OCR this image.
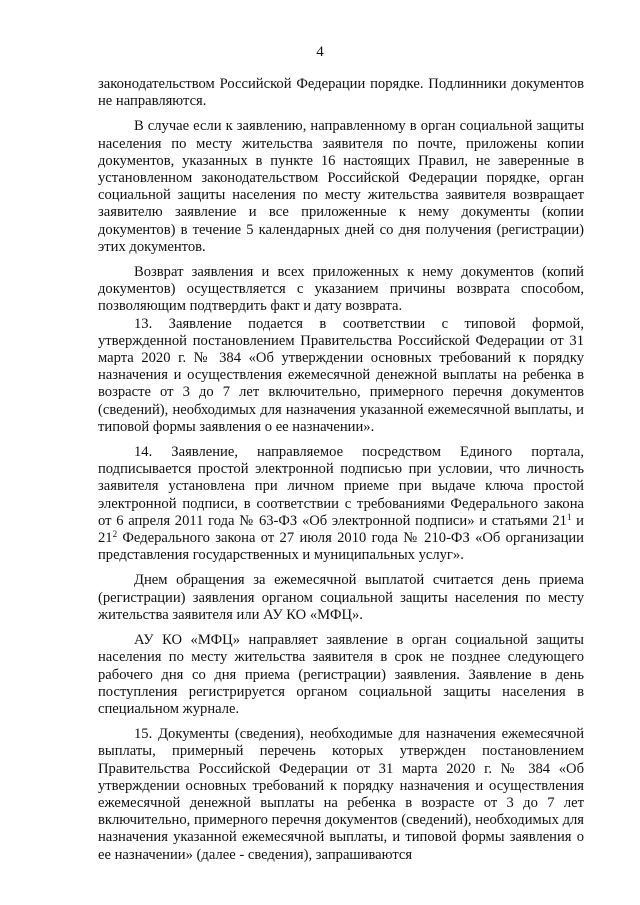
4

законодательством Российской Федерации порядке. Подлинники документов не направляются.

В случае если к заявлению, направленному в орган социальной защиты населения по месту жительства заявителя по почте, приложены копии документов, указанных в пункте 16 настоящих Правил, не заверенные в установленном законодательством Российской Федерации порядке, орган социальной защиты населения по месту жительства заявителя возвращает заявителю заявление и все приложенные к нему документы (копии документов) в течение 5 календарных дней со дня получения (регистрации) этих документов.

Возврат заявления и всех приложенных к нему документов (копий документов) осуществляется с указанием причины возврата способом, позволяющим подтвердить факт и дату возврата.

13. Заявление подается в соответствии с типовой формой, утвержденной постановлением Правительства Российской Федерации от 31 марта 2020 г. № 384 «Об утверждении основных требований к порядку назначения и осуществления ежемесячной денежной выплаты на ребенка в возрасте от 3 до 7 лет включительно, примерного перечня документов (сведений), необходимых для назначения указанной ежемесячной выплаты, и типовой формы заявления о ее назначении».

14. Заявление, направляемое посредством Единого портала, подписывается простой электронной подписью при условии, что личность заявителя установлена при личном приеме при выдаче ключа простой электронной подписи, в соответствии с требованиями Федерального закона от 6 апреля 2011 года № 63-ФЗ «Об электронной подписи» и статьями $21^1$ и $21^2$ Федерального закона от 27 июля 2010 года № 210-ФЗ «Об организации представления государственных и муниципальных услуг».

Днем обращения за ежемесячной выплатой считается день приема (регистрации) заявления органом социальной защиты населения по месту жительства заявителя или АУ КО «МФЦ».

АУ КО «МФЦ» направляет заявление в орган социальной защиты населения по месту жительства заявителя в срок не позднее следующего рабочего дня со дня приема (регистрации) заявления. Заявление в день поступления регистрируется органом социальной защиты населения в специальном журнале.

15. Документы (сведения), необходимые для назначения ежемесячной выплаты, примерный перечень которых утвержден постановлением Правительства Российской Федерации от 31 марта 2020 г. № 384 «Об утверждении основных требований к порядку назначения и осуществления ежемесячной денежной выплаты на ребенка в возрасте от 3 до 7 лет включительно, примерного перечня документов (сведений), необходимых для назначения указанной ежемесячной выплаты, и типовой формы заявления о ее назначении» (далее - сведения), запрашиваются
